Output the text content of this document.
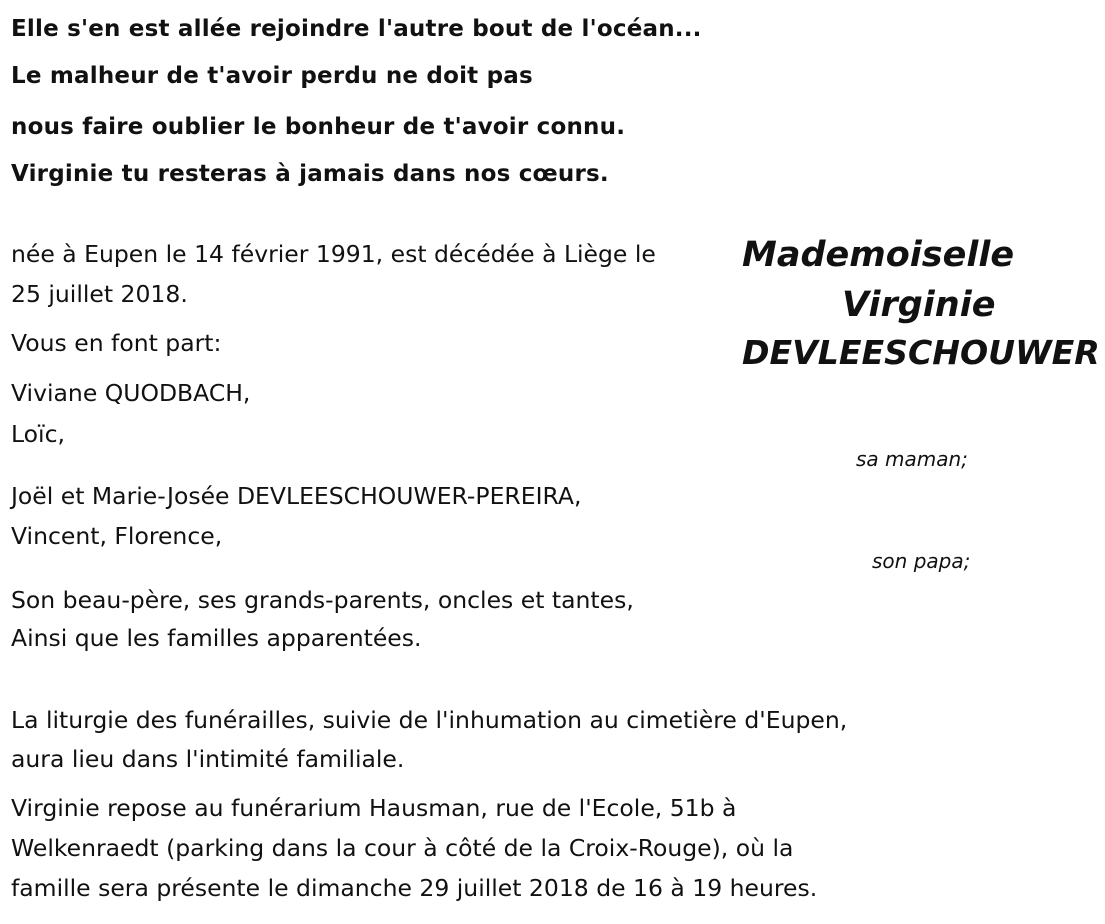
Elle s'en est allée rejoindre l'autre bout de l'océan...
Le malheur de t'avoir perdu ne doit pas
nous faire oublier le bonheur de t'avoir connu.
Virginie tu resteras à jamais dans nos cœurs.
Mademoiselle
Virginie
DEVLEESCHOUWER
née à Eupen le 14 février 1991, est décédée à Liège le
25 juillet 2018.
Vous en font part:
Viviane QUODBACH,
Loïc,
sa maman;
Joël et Marie-Josée DEVLEESCHOUWER-PEREIRA,
Vincent, Florence,
son papa;
Son beau-père, ses grands-parents, oncles et tantes,
Ainsi que les familles apparentées.
La liturgie des funérailles, suivie de l'inhumation au cimetière d'Eupen,
aura lieu dans l'intimité familiale.
Virginie repose au funérarium Hausman, rue de l'Ecole, 51b à
Welkenraedt (parking dans la cour à côté de la Croix-Rouge), où la
famille sera présente le dimanche 29 juillet 2018 de 16 à 19 heures.
